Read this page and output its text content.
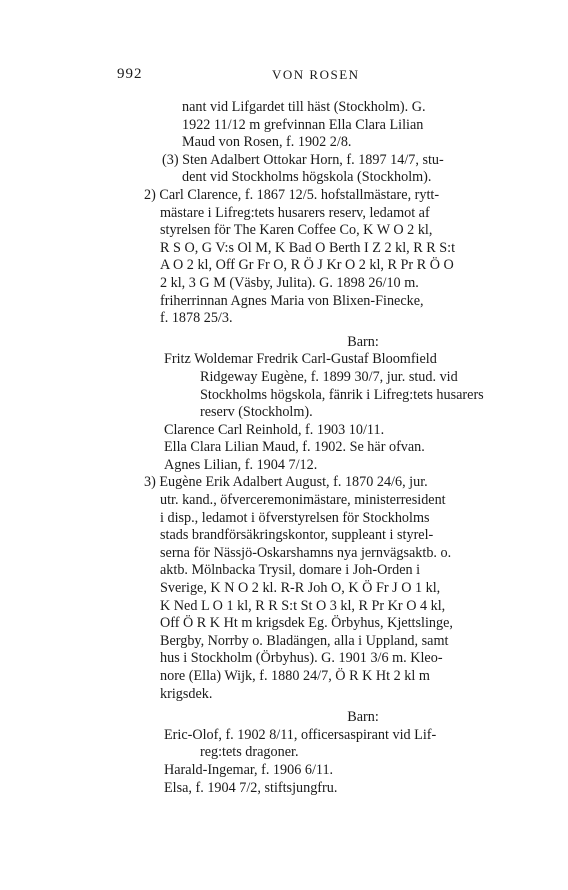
992	VON ROSEN
nant vid Lifgardet till häst (Stockholm). G.
1922 11/12 m grefvinnan Ella Clara Lilian
Maud von Rosen, f. 1902 2/8.
(3) Sten Adalbert Ottokar Horn, f. 1897 14/7, stu-
dent vid Stockholms högskola (Stockholm).
2) Carl Clarence, f. 1867 12/5. hofstallmästare, rytt-
mästare i Lifreg:tets husarers reserv, ledamot af
styrelsen för The Karen Coffee Co, K W O 2 kl,
R S O, G V:s Ol M, K Bad O Berth I Z 2 kl, R R S:t
A O 2 kl, Off Gr Fr O, R Ö J Kr O 2 kl, R Pr R Ö O
2 kl, 3 G M (Väsby, Julita). G. 1898 26/10 m.
friherrinnan Agnes Maria von Blixen-Finecke,
f. 1878 25/3.
Barn:
Fritz Woldemar Fredrik Carl-Gustaf Bloomfield
Ridgeway Eugène, f. 1899 30/7, jur. stud. vid
Stockholms högskola, fänrik i Lifreg:tets husarers
reserv (Stockholm).
Clarence Carl Reinhold, f. 1903 10/11.
Ella Clara Lilian Maud, f. 1902. Se här ofvan.
Agnes Lilian, f. 1904 7/12.
3) Eugène Erik Adalbert August, f. 1870 24/6, jur.
utr. kand., öfverceremonimästare, ministerresident
i disp., ledamot i öfverstyrelsen för Stockholms
stads brandförsäkringskontor, suppleant i styrel-
serna för Nässjö-Oskarshamns nya jernvägsaktb. o.
aktb. Mölnbacka Trysil, domare i Joh-Orden i
Sverige, K N O 2 kl. R-R Joh O, K Ö Fr J O 1 kl,
K Ned L O 1 kl, R R S:t St O 3 kl, R Pr Kr O 4 kl,
Off Ö R K Ht m krigsdek Eg. Örbyhus, Kjettslinge,
Bergby, Norrby o. Bladängen, alla i Uppland, samt
hus i Stockholm (Örbyhus). G. 1901 3/6 m. Kleo-
nore (Ella) Wijk, f. 1880 24/7, Ö R K Ht 2 kl m
krigsdek.
Barn:
Eric-Olof, f. 1902 8/11, officersaspirant vid Lif-
reg:tets dragoner.
Harald-Ingemar, f. 1906 6/11.
Elsa, f. 1904 7/2, stiftsjungfru.
